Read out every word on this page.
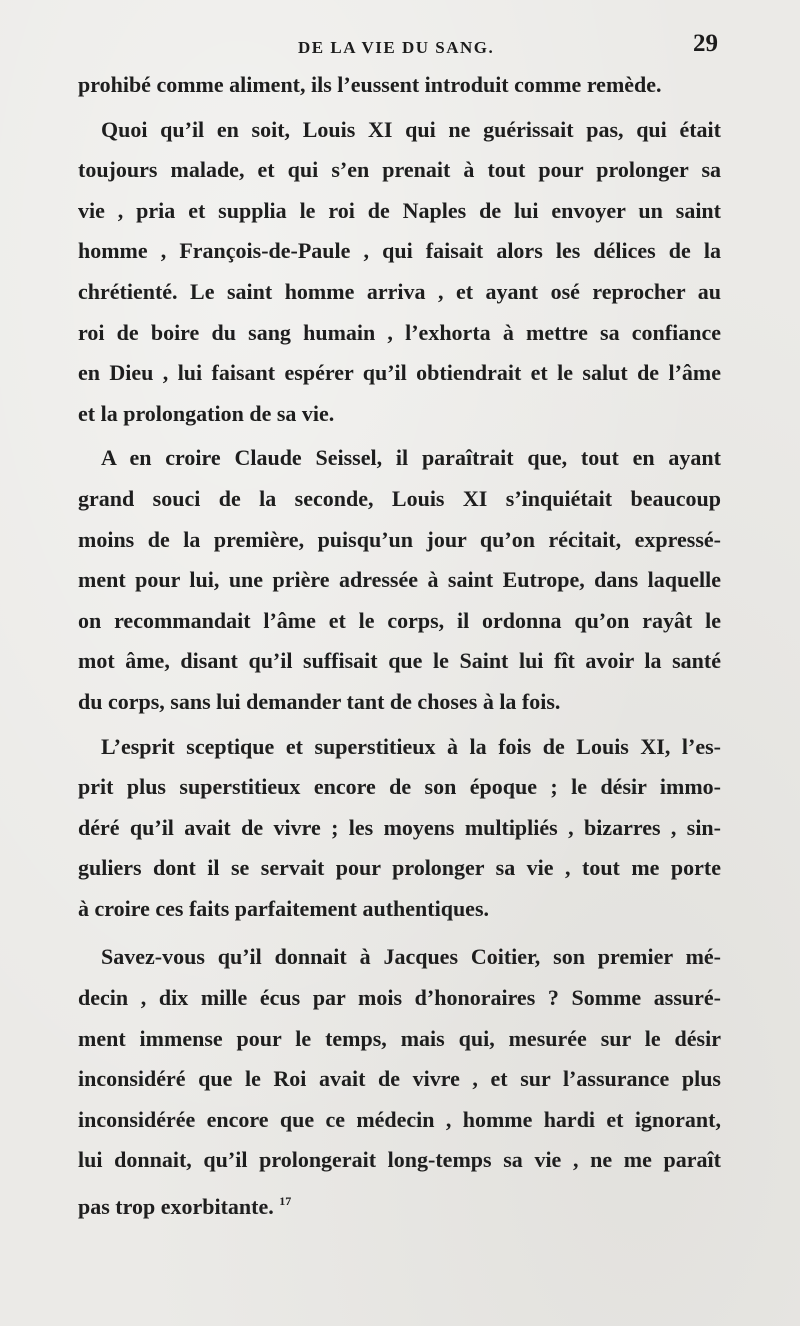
DE LA VIE DU SANG.	29
prohibé comme aliment, ils l’eussent introduit comme remède.
Quoi qu’il en soit, Louis XI qui ne guérissait pas, qui était
toujours malade, et qui s’en prenait à tout pour prolonger sa
vie , pria et supplia le roi de Naples de lui envoyer un saint
homme , François-de-Paule , qui faisait alors les délices de la
chrétienté. Le saint homme arriva , et ayant osé reprocher au
roi de boire du sang humain , l’exhorta à mettre sa confiance
en Dieu , lui faisant espérer qu’il obtiendrait et le salut de l’âme
et la prolongation de sa vie.
A en croire Claude Seissel, il paraîtrait que, tout en ayant
grand souci de la seconde, Louis XI s’inquiétait beaucoup
moins de la première, puisqu’un jour qu’on récitait, expressé-
ment pour lui, une prière adressée à saint Eutrope, dans laquelle
on recommandait l’âme et le corps, il ordonna qu’on rayât le
mot âme, disant qu’il suffisait que le Saint lui fît avoir la santé
du corps, sans lui demander tant de choses à la fois.
L’esprit sceptique et superstitieux à la fois de Louis XI, l’es-
prit plus superstitieux encore de son époque ; le désir immo-
déré qu’il avait de vivre ; les moyens multipliés , bizarres , sin-
guliers dont il se servait pour prolonger sa vie , tout me porte
à croire ces faits parfaitement authentiques.
Savez-vous qu’il donnait à Jacques Coitier, son premier mé-
decin , dix mille écus par mois d’honoraires ? Somme assuré-
ment immense pour le temps, mais qui, mesurée sur le désir
inconsidéré que le Roi avait de vivre , et sur l’assurance plus
inconsidérée encore que ce médecin , homme hardi et ignorant,
lui donnait, qu’il prolongerait long-temps sa vie , ne me paraît
pas trop exorbitante. $^{17}$
